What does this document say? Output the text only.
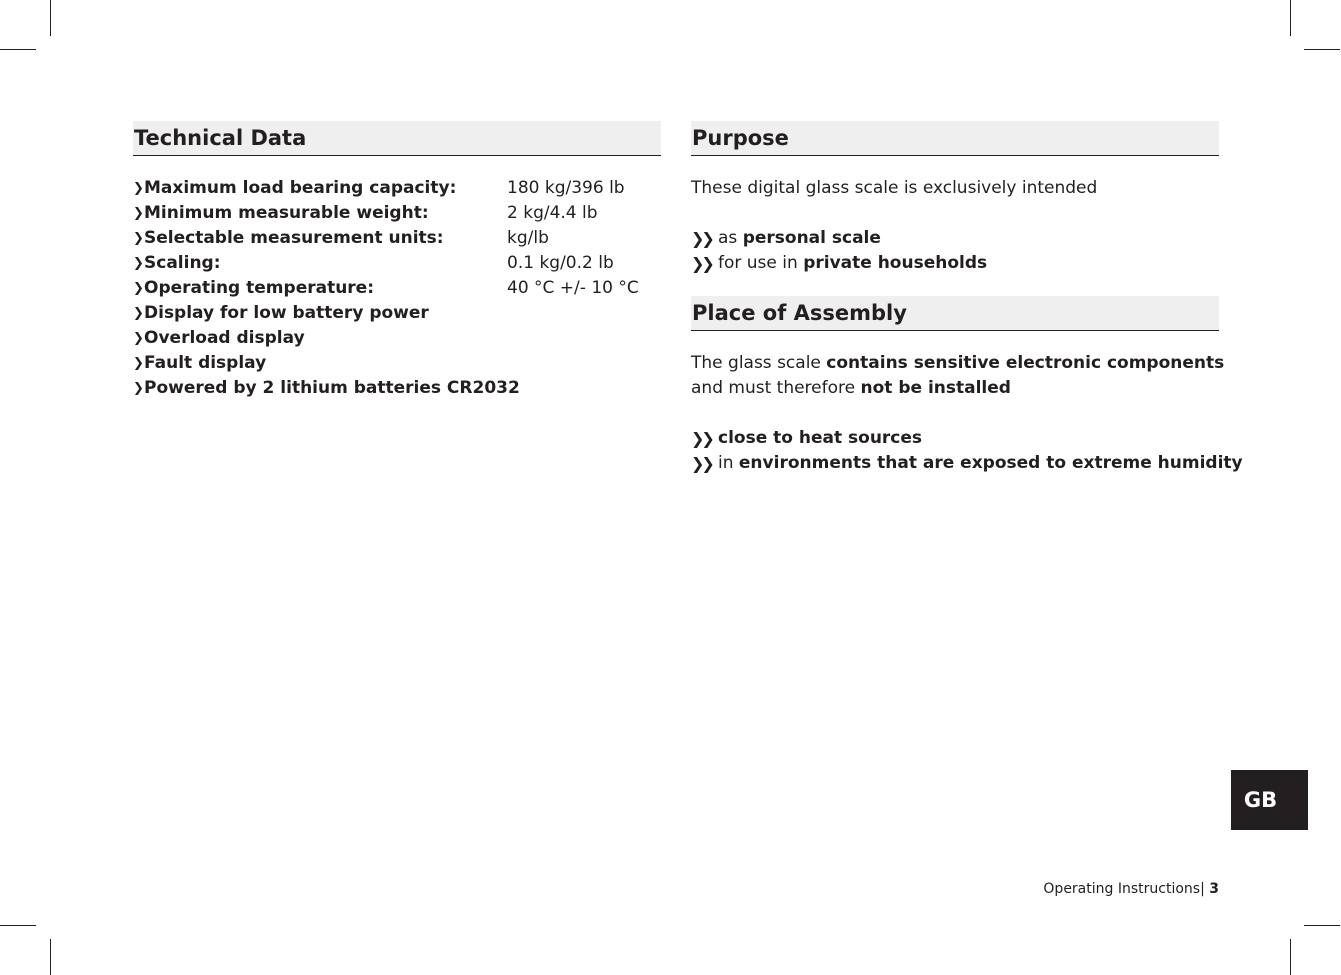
Technical Data
❯Maximum load bearing capacity:	180 kg/396 lb
❯Minimum measurable weight:	2 kg/4.4 lb
❯Selectable measurement units:	kg/lb
❯Scaling:	0.1 kg/0.2 lb
❯Operating temperature:	40 °C +/- 10 °C
❯Display for low battery power
❯Overload display
❯Fault display
❯Powered by 2 lithium batteries CR2032
Purpose
These digital glass scale is exclusively intended
❯❯ as personal scale
❯❯ for use in private households
Place of Assembly
The glass scale contains sensitive electronic components
and must therefore not be installed
❯❯ close to heat sources
❯❯ in environments that are exposed to extreme humidity
GB
Operating Instructions| 3
